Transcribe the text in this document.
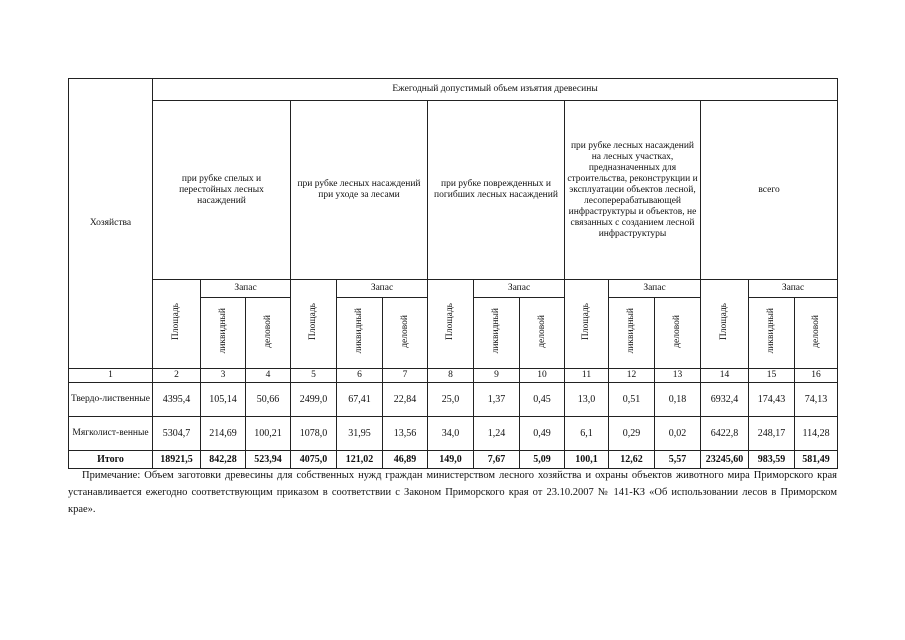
Хозяйства	Ежегодный допустимый объем изъятия древесины														
	при рубке спелых и перестойных лесных насаждений			при рубке лесных насаждений при уходе за лесами			при рубке поврежденных и погибших лесных насаждений			при рубке лесных насаждений на лесных участках, предназначенных для строительства, реконструкции и эксплуатации объектов лесной, лесоперерабатывающей инфраструктуры и объектов, не связанных с созданием лесной инфраструктуры			всего		
	Площадь	Запас		Площадь	Запас		Площадь	Запас		Площадь	Запас		Площадь	Запас	
		ликвидный	деловой		ликвидный	деловой		ликвидный	деловой		ликвидный	деловой		ликвидный	деловой
1	2	3	4	5	6	7	8	9	10	11	12	13	14	15	16
Твердо-лиственные	4395,4	105,14	50,66	2499,0	67,41	22,84	25,0	1,37	0,45	13,0	0,51	0,18	6932,4	174,43	74,13
Мягколист-венные	5304,7	214,69	100,21	1078,0	31,95	13,56	34,0	1,24	0,49	6,1	0,29	0,02	6422,8	248,17	114,28
Итого	18921,5	842,28	523,94	4075,0	121,02	46,89	149,0	7,67	5,09	100,1	12,62	5,57	23245,60	983,59	581,49

Примечание: Объем заготовки древесины для собственных нужд граждан министерством лесного хозяйства и охраны объектов животного мира Приморского края устанавливается ежегодно соответствующим приказом в соответствии с Законом Приморского края от 23.10.2007 № 141-КЗ «Об использовании лесов в Приморском крае».
